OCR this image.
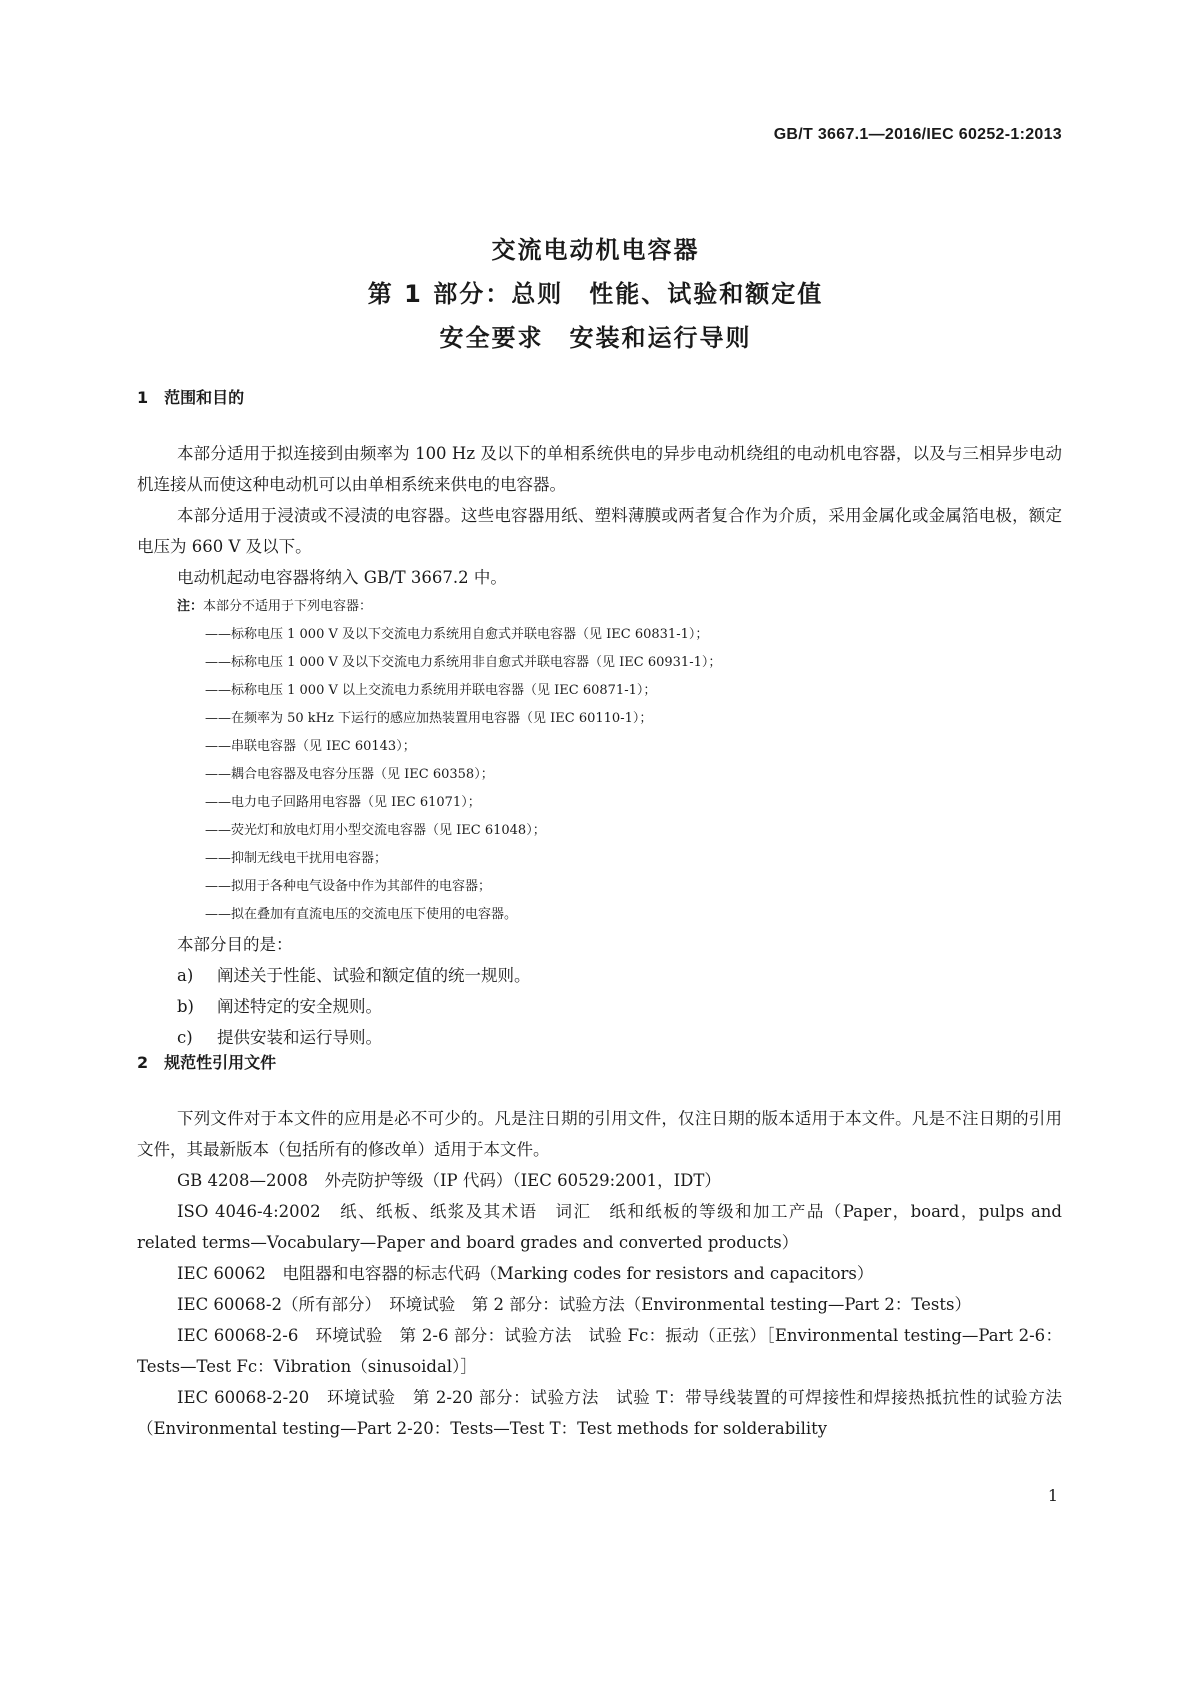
GB/T 3667.1—2016/IEC 60252-1:2013
交流电动机电容器
第 1 部分：总则　性能、试验和额定值
安全要求　安装和运行导则
1　范围和目的

本部分适用于拟连接到由频率为 100 Hz 及以下的单相系统供电的异步电动机绕组的电动机电容器，以及与三相异步电动机连接从而使这种电动机可以由单相系统来供电的电容器。

本部分适用于浸渍或不浸渍的电容器。这些电容器用纸、塑料薄膜或两者复合作为介质，采用金属化或金属箔电极，额定电压为 660 V 及以下。

电动机起动电容器将纳入 GB/T 3667.2 中。

注：本部分不适用于下列电容器：
——标称电压 1 000 V 及以下交流电力系统用自愈式并联电容器（见 IEC 60831-1）；
——标称电压 1 000 V 及以下交流电力系统用非自愈式并联电容器（见 IEC 60931-1）；
——标称电压 1 000 V 以上交流电力系统用并联电容器（见 IEC 60871-1）；
——在频率为 50 kHz 下运行的感应加热装置用电容器（见 IEC 60110-1）；
——串联电容器（见 IEC 60143）；
——耦合电容器及电容分压器（见 IEC 60358）；
——电力电子回路用电容器（见 IEC 61071）；
——荧光灯和放电灯用小型交流电容器（见 IEC 61048）；
——抑制无线电干扰用电容器；
——拟用于各种电气设备中作为其部件的电容器；
——拟在叠加有直流电压的交流电压下使用的电容器。

本部分目的是：

a) 阐述关于性能、试验和额定值的统一规则。
b) 阐述特定的安全规则。
c) 提供安装和运行导则。
2　规范性引用文件

下列文件对于本文件的应用是必不可少的。凡是注日期的引用文件，仅注日期的版本适用于本文件。凡是不注日期的引用文件，其最新版本（包括所有的修改单）适用于本文件。

GB 4208—2008　外壳防护等级（IP 代码）（IEC 60529:2001，IDT）

ISO 4046-4:2002　纸、纸板、纸浆及其术语　词汇　纸和纸板的等级和加工产品（Paper，board，pulps and related terms—Vocabulary—Paper and board grades and converted products）

IEC 60062　电阻器和电容器的标志代码（Marking codes for resistors and capacitors）

IEC 60068-2（所有部分）　环境试验　第 2 部分：试验方法（Environmental testing—Part 2：Tests）

IEC 60068-2-6　环境试验　第 2-6 部分：试验方法　试验 Fc：振动（正弦）［Environmental testing—Part 2-6：Tests—Test Fc：Vibration（sinusoidal）］

IEC 60068-2-20　环境试验　第 2-20 部分：试验方法　试验 T：带导线装置的可焊接性和焊接热抵抗性的试验方法（Environmental testing—Part 2-20：Tests—Test T：Test methods for solderability

1
